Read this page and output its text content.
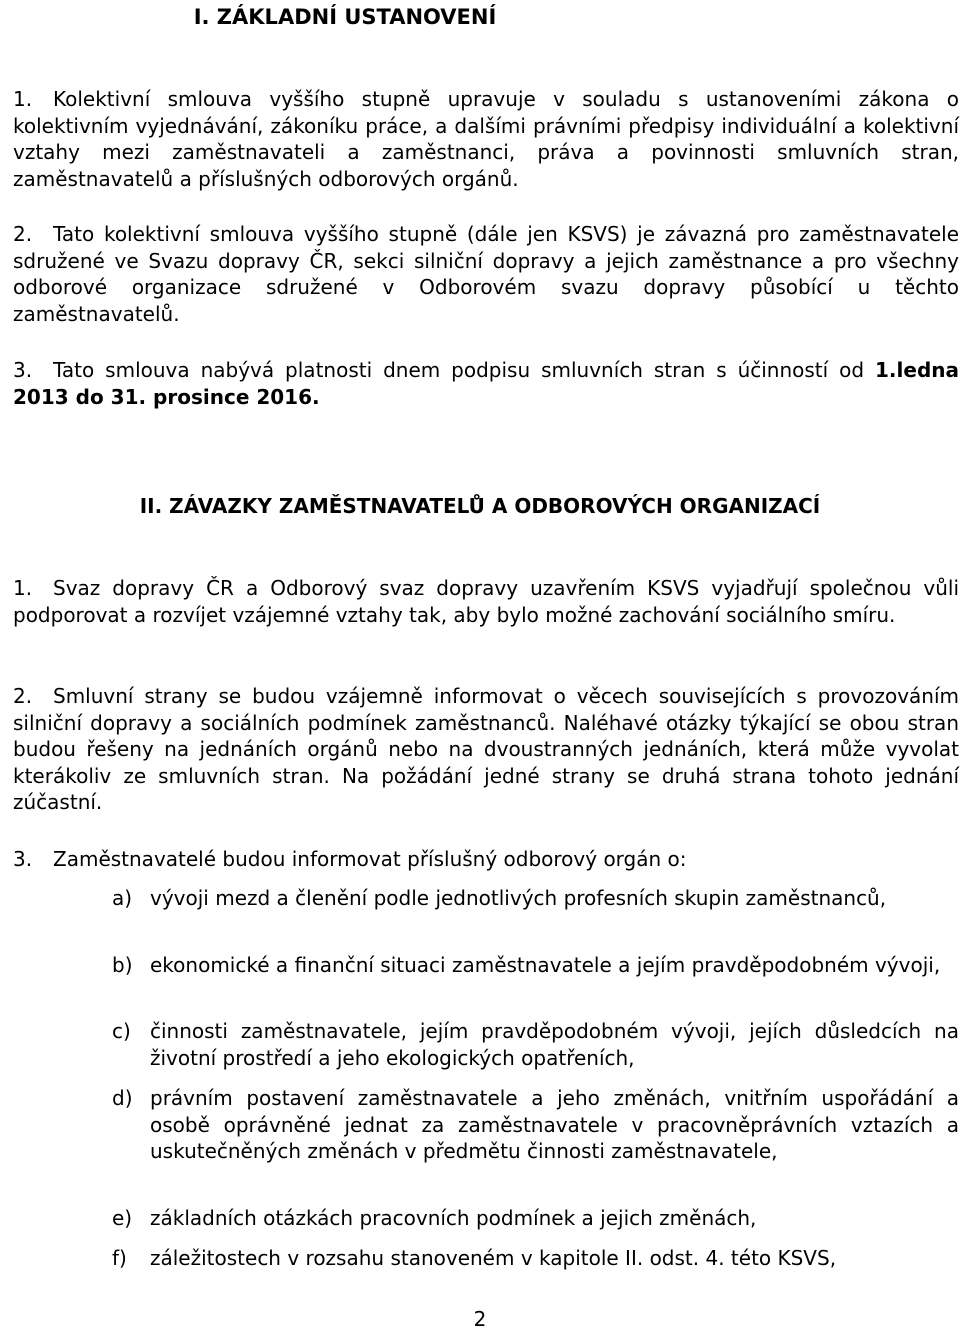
I. ZÁKLADNÍ USTANOVENÍ
1. Kolektivní smlouva vyššího stupně upravuje v souladu s ustanoveními zákona o kolektivním vyjednávání, zákoníku práce, a dalšími právními předpisy individuální a kolektivní vztahy mezi zaměstnavateli a zaměstnanci, práva a povinnosti smluvních stran, zaměstnavatelů a příslušných odborových orgánů.
2. Tato kolektivní smlouva vyššího stupně (dále jen KSVS) je závazná pro zaměstnavatele sdružené ve Svazu dopravy ČR, sekci silniční dopravy a jejich zaměstnance a pro všechny odborové organizace sdružené v Odborovém svazu dopravy působící u těchto zaměstnavatelů.
3. Tato smlouva nabývá platnosti dnem podpisu smluvních stran s účinností od 1.ledna 2013 do 31. prosince 2016.
II. ZÁVAZKY ZAMĚSTNAVATELŮ A ODBOROVÝCH ORGANIZACÍ
1. Svaz dopravy ČR a Odborový svaz dopravy uzavřením KSVS vyjadřují společnou vůli podporovat a rozvíjet vzájemné vztahy tak, aby bylo možné zachování sociálního smíru.
2. Smluvní strany se budou vzájemně informovat o věcech souvisejících s provozováním silniční dopravy a sociálních podmínek zaměstnanců. Naléhavé otázky týkající se obou stran budou řešeny na jednáních orgánů nebo na dvoustranných jednáních, která může vyvolat kterákoliv ze smluvních stran. Na požádání jedné strany se druhá strana tohoto jednání zúčastní.
3. Zaměstnavatelé budou informovat příslušný odborový orgán o:
a) vývoji mezd a členění podle jednotlivých profesních skupin zaměstnanců,
b) ekonomické a finanční situaci zaměstnavatele a jejím pravděpodobném vývoji,
c) činnosti zaměstnavatele, jejím pravděpodobném vývoji, jejích důsledcích na životní prostředí a jeho ekologických opatřeních,
d) právním postavení zaměstnavatele a jeho změnách, vnitřním uspořádání a osobě oprávněné jednat za zaměstnavatele v pracovněprávních vztazích a uskutečněných změnách v předmětu činnosti zaměstnavatele,
e) základních otázkách pracovních podmínek a jejich změnách,
f)	záležitostech v rozsahu stanoveném v kapitole II. odst. 4. této KSVS,
2
